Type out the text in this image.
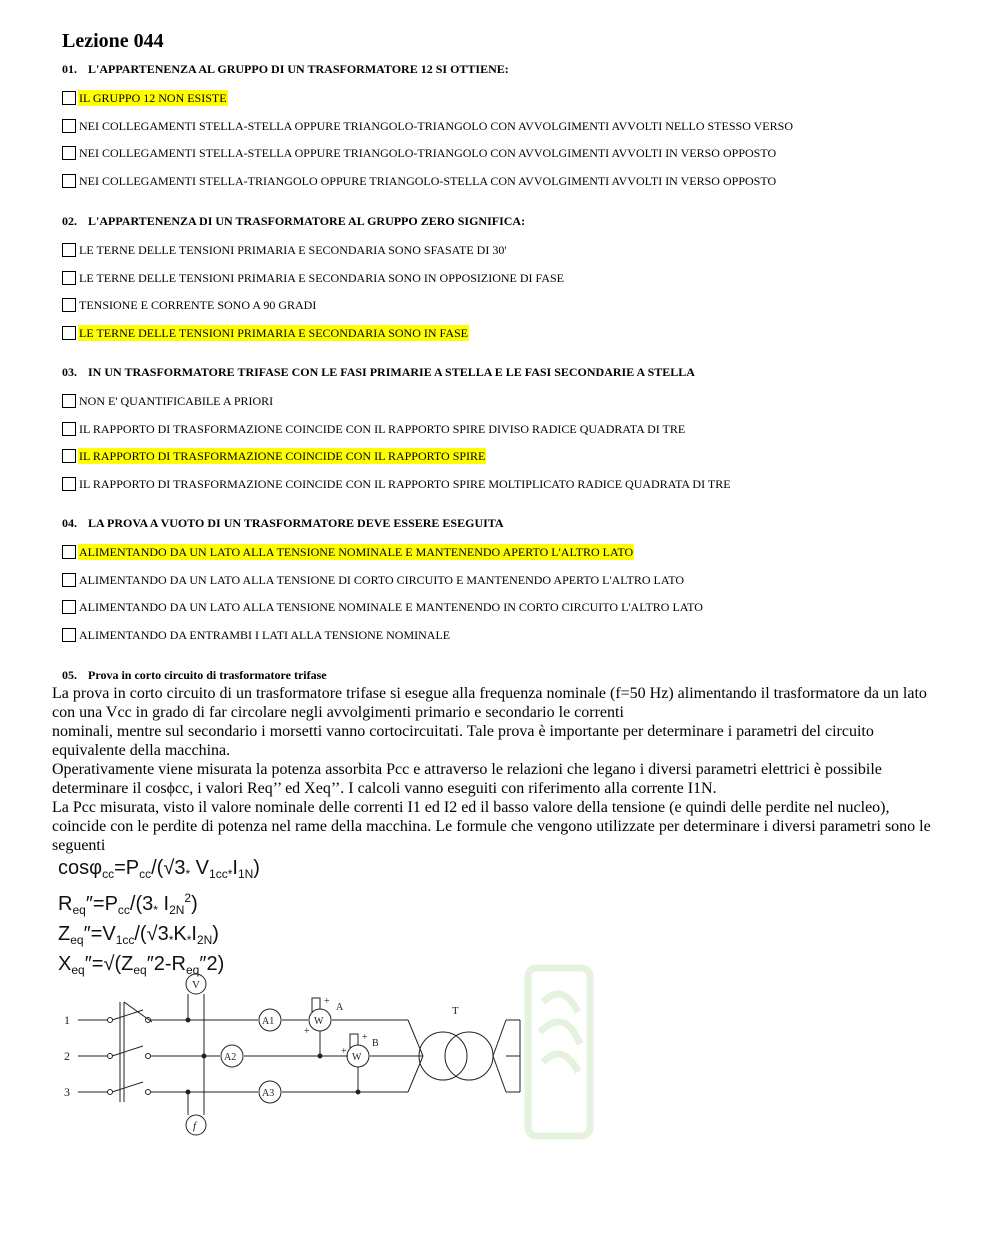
Lezione 044
01. L'APPARTENENZA AL GRUPPO DI UN TRASFORMATORE 12 SI OTTIENE:
IL GRUPPO 12 NON ESISTE
NEI COLLEGAMENTI STELLA-STELLA OPPURE TRIANGOLO-TRIANGOLO CON AVVOLGIMENTI AVVOLTI NELLO STESSO VERSO
NEI COLLEGAMENTI STELLA-STELLA OPPURE TRIANGOLO-TRIANGOLO CON AVVOLGIMENTI AVVOLTI IN VERSO OPPOSTO
NEI COLLEGAMENTI STELLA-TRIANGOLO OPPURE TRIANGOLO-STELLA CON AVVOLGIMENTI AVVOLTI IN VERSO OPPOSTO
02. L'APPARTENENZA DI UN TRASFORMATORE AL GRUPPO ZERO SIGNIFICA:
LE TERNE DELLE TENSIONI PRIMARIA E SECONDARIA SONO SFASATE DI 30'
LE TERNE DELLE TENSIONI PRIMARIA E SECONDARIA SONO IN OPPOSIZIONE DI FASE
TENSIONE E CORRENTE SONO A 90 GRADI
LE TERNE DELLE TENSIONI PRIMARIA E SECONDARIA SONO IN FASE
03. IN UN TRASFORMATORE TRIFASE CON LE FASI PRIMARIE A STELLA E LE FASI SECONDARIE A STELLA
NON E' QUANTIFICABILE A PRIORI
IL RAPPORTO DI TRASFORMAZIONE COINCIDE CON IL RAPPORTO SPIRE DIVISO RADICE QUADRATA DI TRE
IL RAPPORTO DI TRASFORMAZIONE COINCIDE CON IL RAPPORTO SPIRE
IL RAPPORTO DI TRASFORMAZIONE COINCIDE CON IL RAPPORTO SPIRE MOLTIPLICATO RADICE QUADRATA DI TRE
04. LA PROVA A VUOTO DI UN TRASFORMATORE DEVE ESSERE ESEGUITA
ALIMENTANDO DA UN LATO ALLA TENSIONE NOMINALE E MANTENENDO APERTO L'ALTRO LATO
ALIMENTANDO DA UN LATO ALLA TENSIONE DI CORTO CIRCUITO E MANTENENDO APERTO L'ALTRO LATO
ALIMENTANDO DA UN LATO ALLA TENSIONE NOMINALE E MANTENENDO IN CORTO CIRCUITO L'ALTRO LATO
ALIMENTANDO DA ENTRAMBI I LATI ALLA TENSIONE NOMINALE
05. Prova in corto circuito di trasformatore trifase

La prova in corto circuito di un trasformatore trifase si esegue alla frequenza nominale (f=50 Hz) alimentando il trasformatore da un lato con una Vcc in grado di far circolare negli avvolgimenti primario e secondario le correnti

nominali, mentre sul secondario i morsetti vanno cortocircuitati. Tale prova è importante per determinare i parametri del circuito equivalente della macchina.

Operativamente viene misurata la potenza assorbita Pcc e attraverso le relazioni che legano i diversi parametri elettrici è possibile determinare il cosϕcc, i valori Req’’ ed Xeq’’. I calcoli vanno eseguiti con riferimento alla corrente I1N.

La Pcc misurata, visto il valore nominale delle correnti I1 ed I2 ed il basso valore della tensione (e quindi delle perdite nel nucleo), coincide con le perdite di potenza nel rame della macchina. Le formule che vengono utilizzate per determinare i diversi parametri sono le seguenti

$\cos\varphi_{cc}=P_{cc}/(√3_*$ $V_{1cc*}I_{1N}$)
$R_{eq}''=P_{cc}/(3_*$ $I_{2N}^2$)
$Z_{eq}''=V_{1cc}/(√3_*K_*I_{2N})$
$X_{eq}''=√(Z_{eq}''2-R_{eq}''2)$
1
2
3
V
f
A1
A2
A3
W
A
+
+
W
B
+
+
T
